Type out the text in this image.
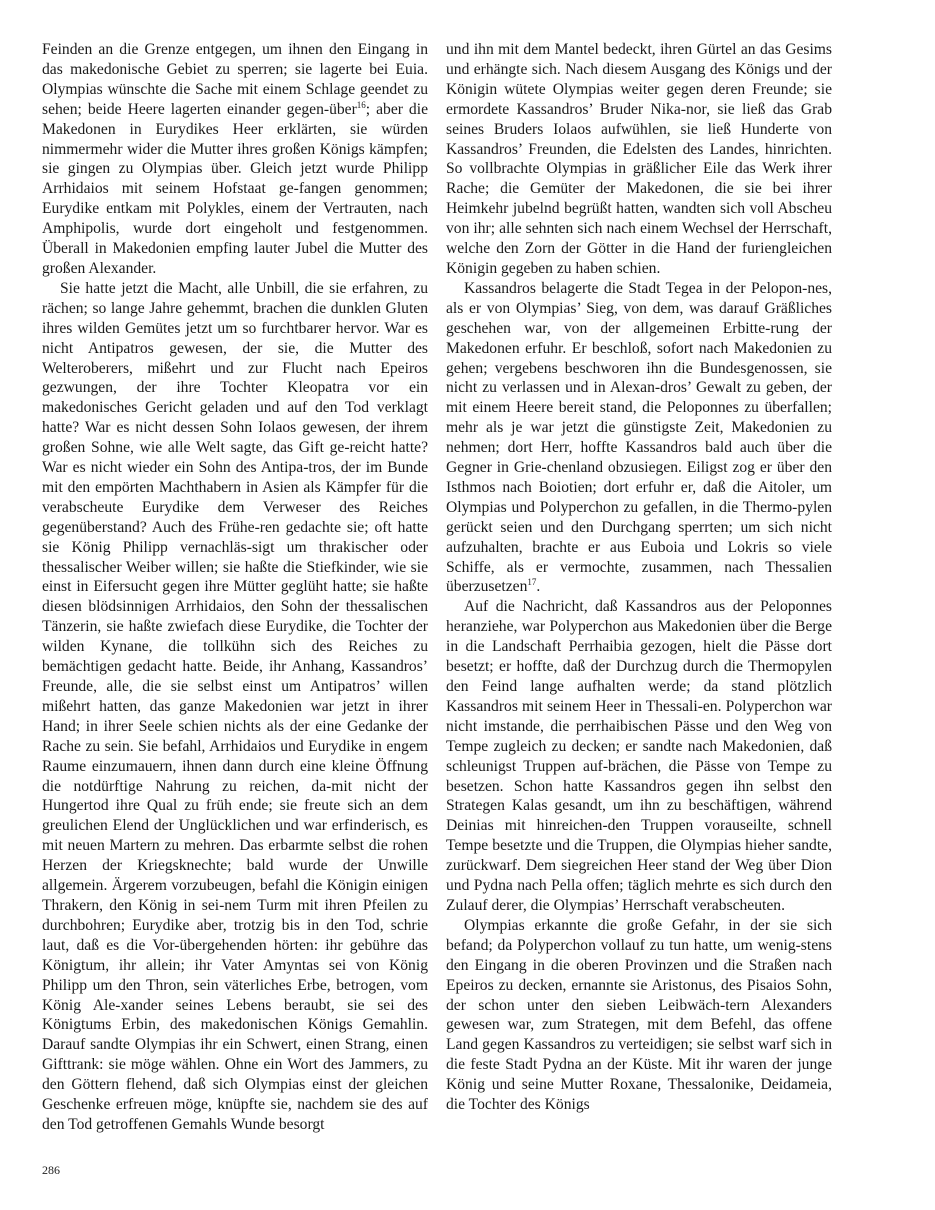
Feinden an die Grenze entgegen, um ihnen den Eingang in das makedonische Gebiet zu sperren; sie lagerte bei Euia. Olympias wünschte die Sache mit einem Schlage geendet zu sehen; beide Heere lagerten einander gegen-über$^{16}$; aber die Makedonen in Eurydikes Heer erklärten, sie würden nimmermehr wider die Mutter ihres großen Königs kämpfen; sie gingen zu Olympias über. Gleich jetzt wurde Philipp Arrhidaios mit seinem Hofstaat ge-fangen genommen; Eurydike entkam mit Polykles, einem der Vertrauten, nach Amphipolis, wurde dort eingeholt und festgenommen. Überall in Makedonien empfing lauter Jubel die Mutter des großen Alexander.

Sie hatte jetzt die Macht, alle Unbill, die sie erfahren, zu rächen; so lange Jahre gehemmt, brachen die dunklen Gluten ihres wilden Gemütes jetzt um so furchtbarer hervor. War es nicht Antipatros gewesen, der sie, die Mutter des Welteroberers, mißehrt und zur Flucht nach Epeiros gezwungen, der ihre Tochter Kleopatra vor ein makedonisches Gericht geladen und auf den Tod verklagt hatte? War es nicht dessen Sohn Iolaos gewesen, der ihrem großen Sohne, wie alle Welt sagte, das Gift ge-reicht hatte? War es nicht wieder ein Sohn des Antipa-tros, der im Bunde mit den empörten Machthabern in Asien als Kämpfer für die verabscheute Eurydike dem Verweser des Reiches gegenüberstand? Auch des Frühe-ren gedachte sie; oft hatte sie König Philipp vernachläs-sigt um thrakischer oder thessalischer Weiber willen; sie haßte die Stiefkinder, wie sie einst in Eifersucht gegen ihre Mütter geglüht hatte; sie haßte diesen blödsinnigen Arrhidaios, den Sohn der thessalischen Tänzerin, sie haßte zwiefach diese Eurydike, die Tochter der wilden Kynane, die tollkühn sich des Reiches zu bemächtigen gedacht hatte. Beide, ihr Anhang, Kassandros’ Freunde, alle, die sie selbst einst um Antipatros’ willen mißehrt hatten, das ganze Makedonien war jetzt in ihrer Hand; in ihrer Seele schien nichts als der eine Gedanke der Rache zu sein. Sie befahl, Arrhidaios und Eurydike in engem Raume einzumauern, ihnen dann durch eine kleine Öffnung die notdürftige Nahrung zu reichen, da-mit nicht der Hungertod ihre Qual zu früh ende; sie freute sich an dem greulichen Elend der Unglücklichen und war erfinderisch, es mit neuen Martern zu mehren. Das erbarmte selbst die rohen Herzen der Kriegsknechte; bald wurde der Unwille allgemein. Ärgerem vorzubeugen, befahl die Königin einigen Thrakern, den König in sei-nem Turm mit ihren Pfeilen zu durchbohren; Eurydike aber, trotzig bis in den Tod, schrie laut, daß es die Vor-übergehenden hörten: ihr gebühre das Königtum, ihr allein; ihr Vater Amyntas sei von König Philipp um den Thron, sein väterliches Erbe, betrogen, vom König Ale-xander seines Lebens beraubt, sie sei des Königtums Erbin, des makedonischen Königs Gemahlin. Darauf sandte Olympias ihr ein Schwert, einen Strang, einen Gifttrank: sie möge wählen. Ohne ein Wort des Jammers, zu den Göttern flehend, daß sich Olympias einst der gleichen Geschenke erfreuen möge, knüpfte sie, nachdem sie des auf den Tod getroffenen Gemahls Wunde besorgt

und ihn mit dem Mantel bedeckt, ihren Gürtel an das Gesims und erhängte sich. Nach diesem Ausgang des Königs und der Königin wütete Olympias weiter gegen deren Freunde; sie ermordete Kassandros’ Bruder Nika-nor, sie ließ das Grab seines Bruders Iolaos aufwühlen, sie ließ Hunderte von Kassandros’ Freunden, die Edelsten des Landes, hinrichten. So vollbrachte Olympias in gräßlicher Eile das Werk ihrer Rache; die Gemüter der Makedonen, die sie bei ihrer Heimkehr jubelnd begrüßt hatten, wandten sich voll Abscheu von ihr; alle sehnten sich nach einem Wechsel der Herrschaft, welche den Zorn der Götter in die Hand der furiengleichen Königin gegeben zu haben schien.

Kassandros belagerte die Stadt Tegea in der Pelopon-nes, als er von Olympias’ Sieg, von dem, was darauf Gräßliches geschehen war, von der allgemeinen Erbitte-rung der Makedonen erfuhr. Er beschloß, sofort nach Makedonien zu gehen; vergebens beschworen ihn die Bundesgenossen, sie nicht zu verlassen und in Alexan-dros’ Gewalt zu geben, der mit einem Heere bereit stand, die Peloponnes zu überfallen; mehr als je war jetzt die günstigste Zeit, Makedonien zu nehmen; dort Herr, hoffte Kassandros bald auch über die Gegner in Grie-chenland obzusiegen. Eiligst zog er über den Isthmos nach Boiotien; dort erfuhr er, daß die Aitoler, um Olympias und Polyperchon zu gefallen, in die Thermo-pylen gerückt seien und den Durchgang sperrten; um sich nicht aufzuhalten, brachte er aus Euboia und Lokris so viele Schiffe, als er vermochte, zusammen, nach Thessalien überzusetzen$^{17}$.

Auf die Nachricht, daß Kassandros aus der Peloponnes heranziehe, war Polyperchon aus Makedonien über die Berge in die Landschaft Perrhaibia gezogen, hielt die Pässe dort besetzt; er hoffte, daß der Durchzug durch die Thermopylen den Feind lange aufhalten werde; da stand plötzlich Kassandros mit seinem Heer in Thessali-en. Polyperchon war nicht imstande, die perrhaibischen Pässe und den Weg von Tempe zugleich zu decken; er sandte nach Makedonien, daß schleunigst Truppen auf-brächen, die Pässe von Tempe zu besetzen. Schon hatte Kassandros gegen ihn selbst den Strategen Kalas gesandt, um ihn zu beschäftigen, während Deinias mit hinreichen-den Truppen vorauseilte, schnell Tempe besetzte und die Truppen, die Olympias hieher sandte, zurückwarf. Dem siegreichen Heer stand der Weg über Dion und Pydna nach Pella offen; täglich mehrte es sich durch den Zulauf derer, die Olympias’ Herrschaft verabscheuten.

Olympias erkannte die große Gefahr, in der sie sich befand; da Polyperchon vollauf zu tun hatte, um wenig-stens den Eingang in die oberen Provinzen und die Straßen nach Epeiros zu decken, ernannte sie Aristonus, des Pisaios Sohn, der schon unter den sieben Leibwäch-tern Alexanders gewesen war, zum Strategen, mit dem Befehl, das offene Land gegen Kassandros zu verteidigen; sie selbst warf sich in die feste Stadt Pydna an der Küste. Mit ihr waren der junge König und seine Mutter Roxane, Thessalonike, Deidameia, die Tochter des Königs

286
